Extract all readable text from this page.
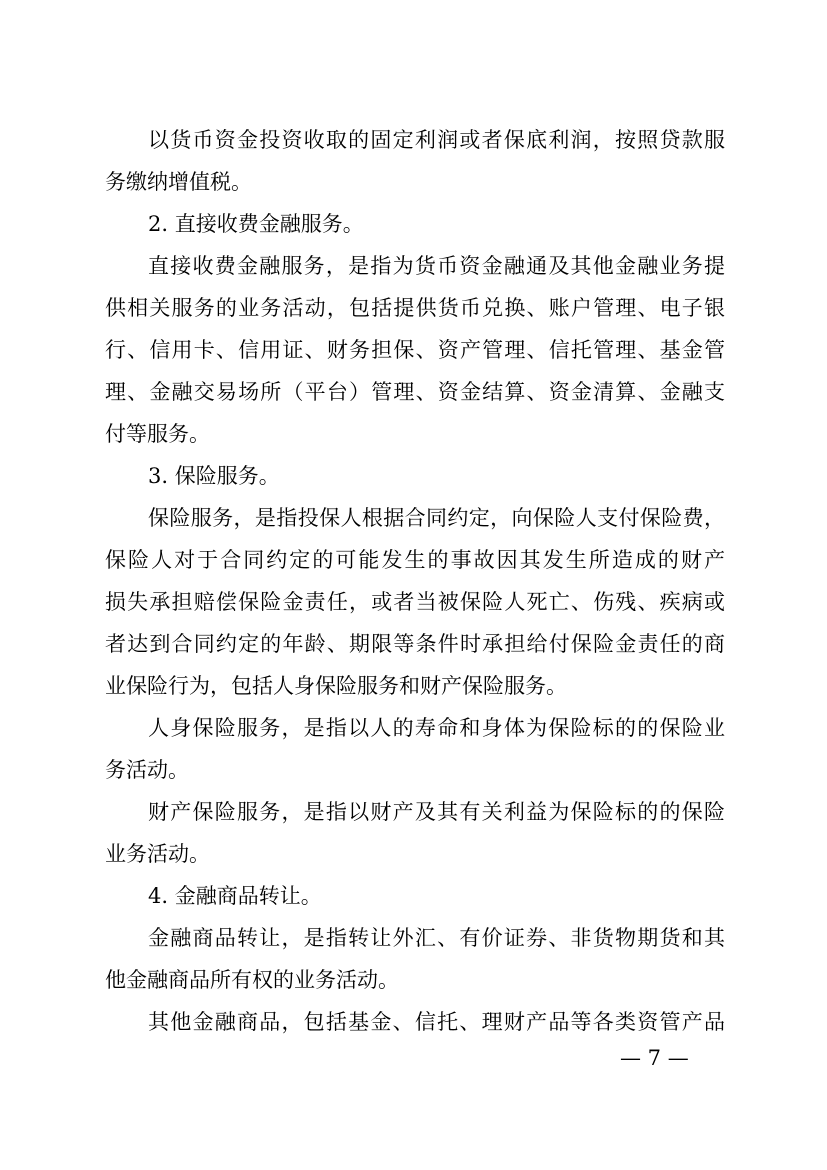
以货币资金投资收取的固定利润或者保底利润，按照贷款服
务缴纳增值税。
2. 直接收费金融服务。
直接收费金融服务，是指为货币资金融通及其他金融业务提
供相关服务的业务活动，包括提供货币兑换、账户管理、电子银
行、信用卡、信用证、财务担保、资产管理、信托管理、基金管
理、金融交易场所（平台）管理、资金结算、资金清算、金融支
付等服务。
3. 保险服务。
保险服务，是指投保人根据合同约定，向保险人支付保险费，
保险人对于合同约定的可能发生的事故因其发生所造成的财产
损失承担赔偿保险金责任，或者当被保险人死亡、伤残、疾病或
者达到合同约定的年龄、期限等条件时承担给付保险金责任的商
业保险行为，包括人身保险服务和财产保险服务。
人身保险服务，是指以人的寿命和身体为保险标的的保险业
务活动。
财产保险服务，是指以财产及其有关利益为保险标的的保险
业务活动。
4. 金融商品转让。
金融商品转让，是指转让外汇、有价证券、非货物期货和其
他金融商品所有权的业务活动。
其他金融商品，包括基金、信托、理财产品等各类资管产品
— 7 —
